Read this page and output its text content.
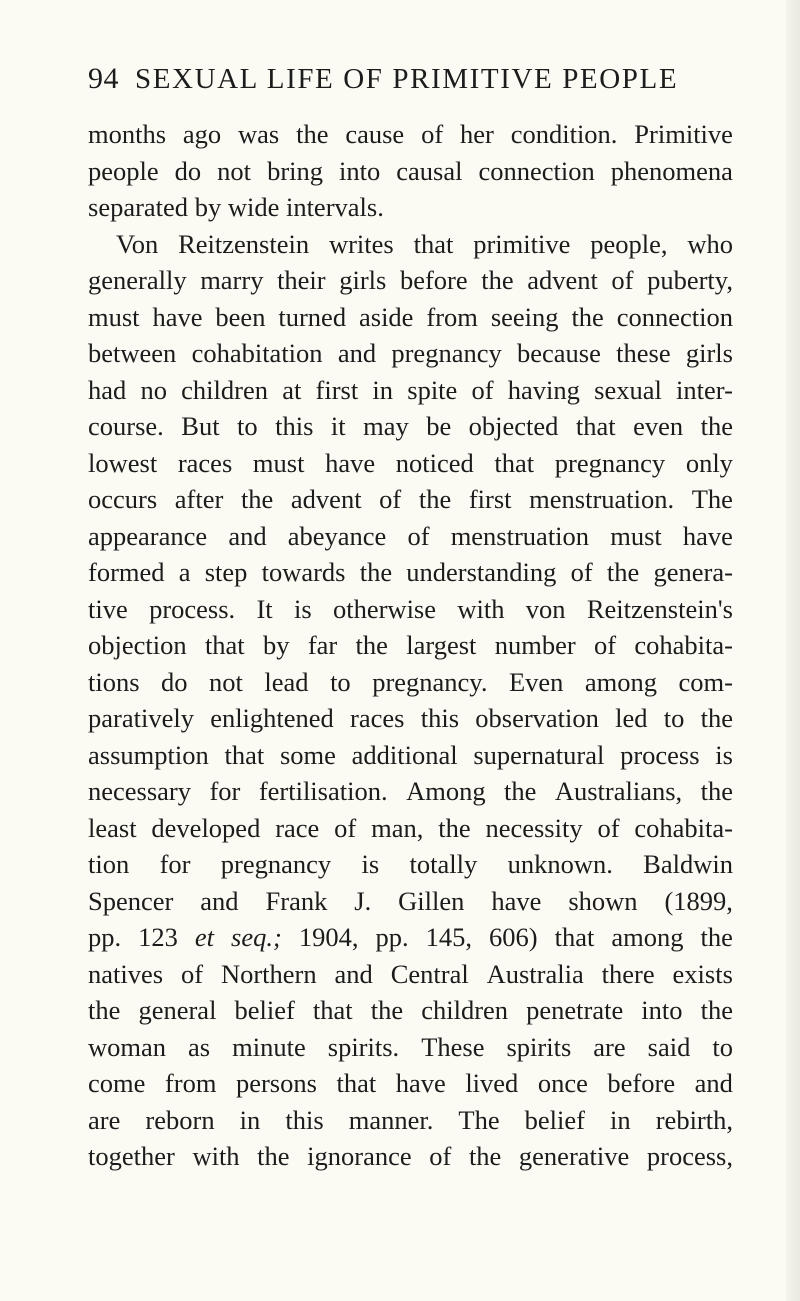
94 SEXUAL LIFE OF PRIMITIVE PEOPLE
months ago was the cause of her condition. Primitive
people do not bring into causal connection phenomena
separated by wide intervals.
Von Reitzenstein writes that primitive people, who
generally marry their girls before the advent of puberty,
must have been turned aside from seeing the connection
between cohabitation and pregnancy because these girls
had no children at first in spite of having sexual inter-
course. But to this it may be objected that even the
lowest races must have noticed that pregnancy only
occurs after the advent of the first menstruation. The
appearance and abeyance of menstruation must have
formed a step towards the understanding of the genera-
tive process. It is otherwise with von Reitzenstein's
objection that by far the largest number of cohabita-
tions do not lead to pregnancy. Even among com-
paratively enlightened races this observation led to the
assumption that some additional supernatural process is
necessary for fertilisation. Among the Australians, the
least developed race of man, the necessity of cohabita-
tion for pregnancy is totally unknown. Baldwin
Spencer and Frank J. Gillen have shown (1899,
pp. 123 et seq.; 1904, pp. 145, 606) that among the
natives of Northern and Central Australia there exists
the general belief that the children penetrate into the
woman as minute spirits. These spirits are said to
come from persons that have lived once before and
are reborn in this manner. The belief in rebirth,
together with the ignorance of the generative process,
